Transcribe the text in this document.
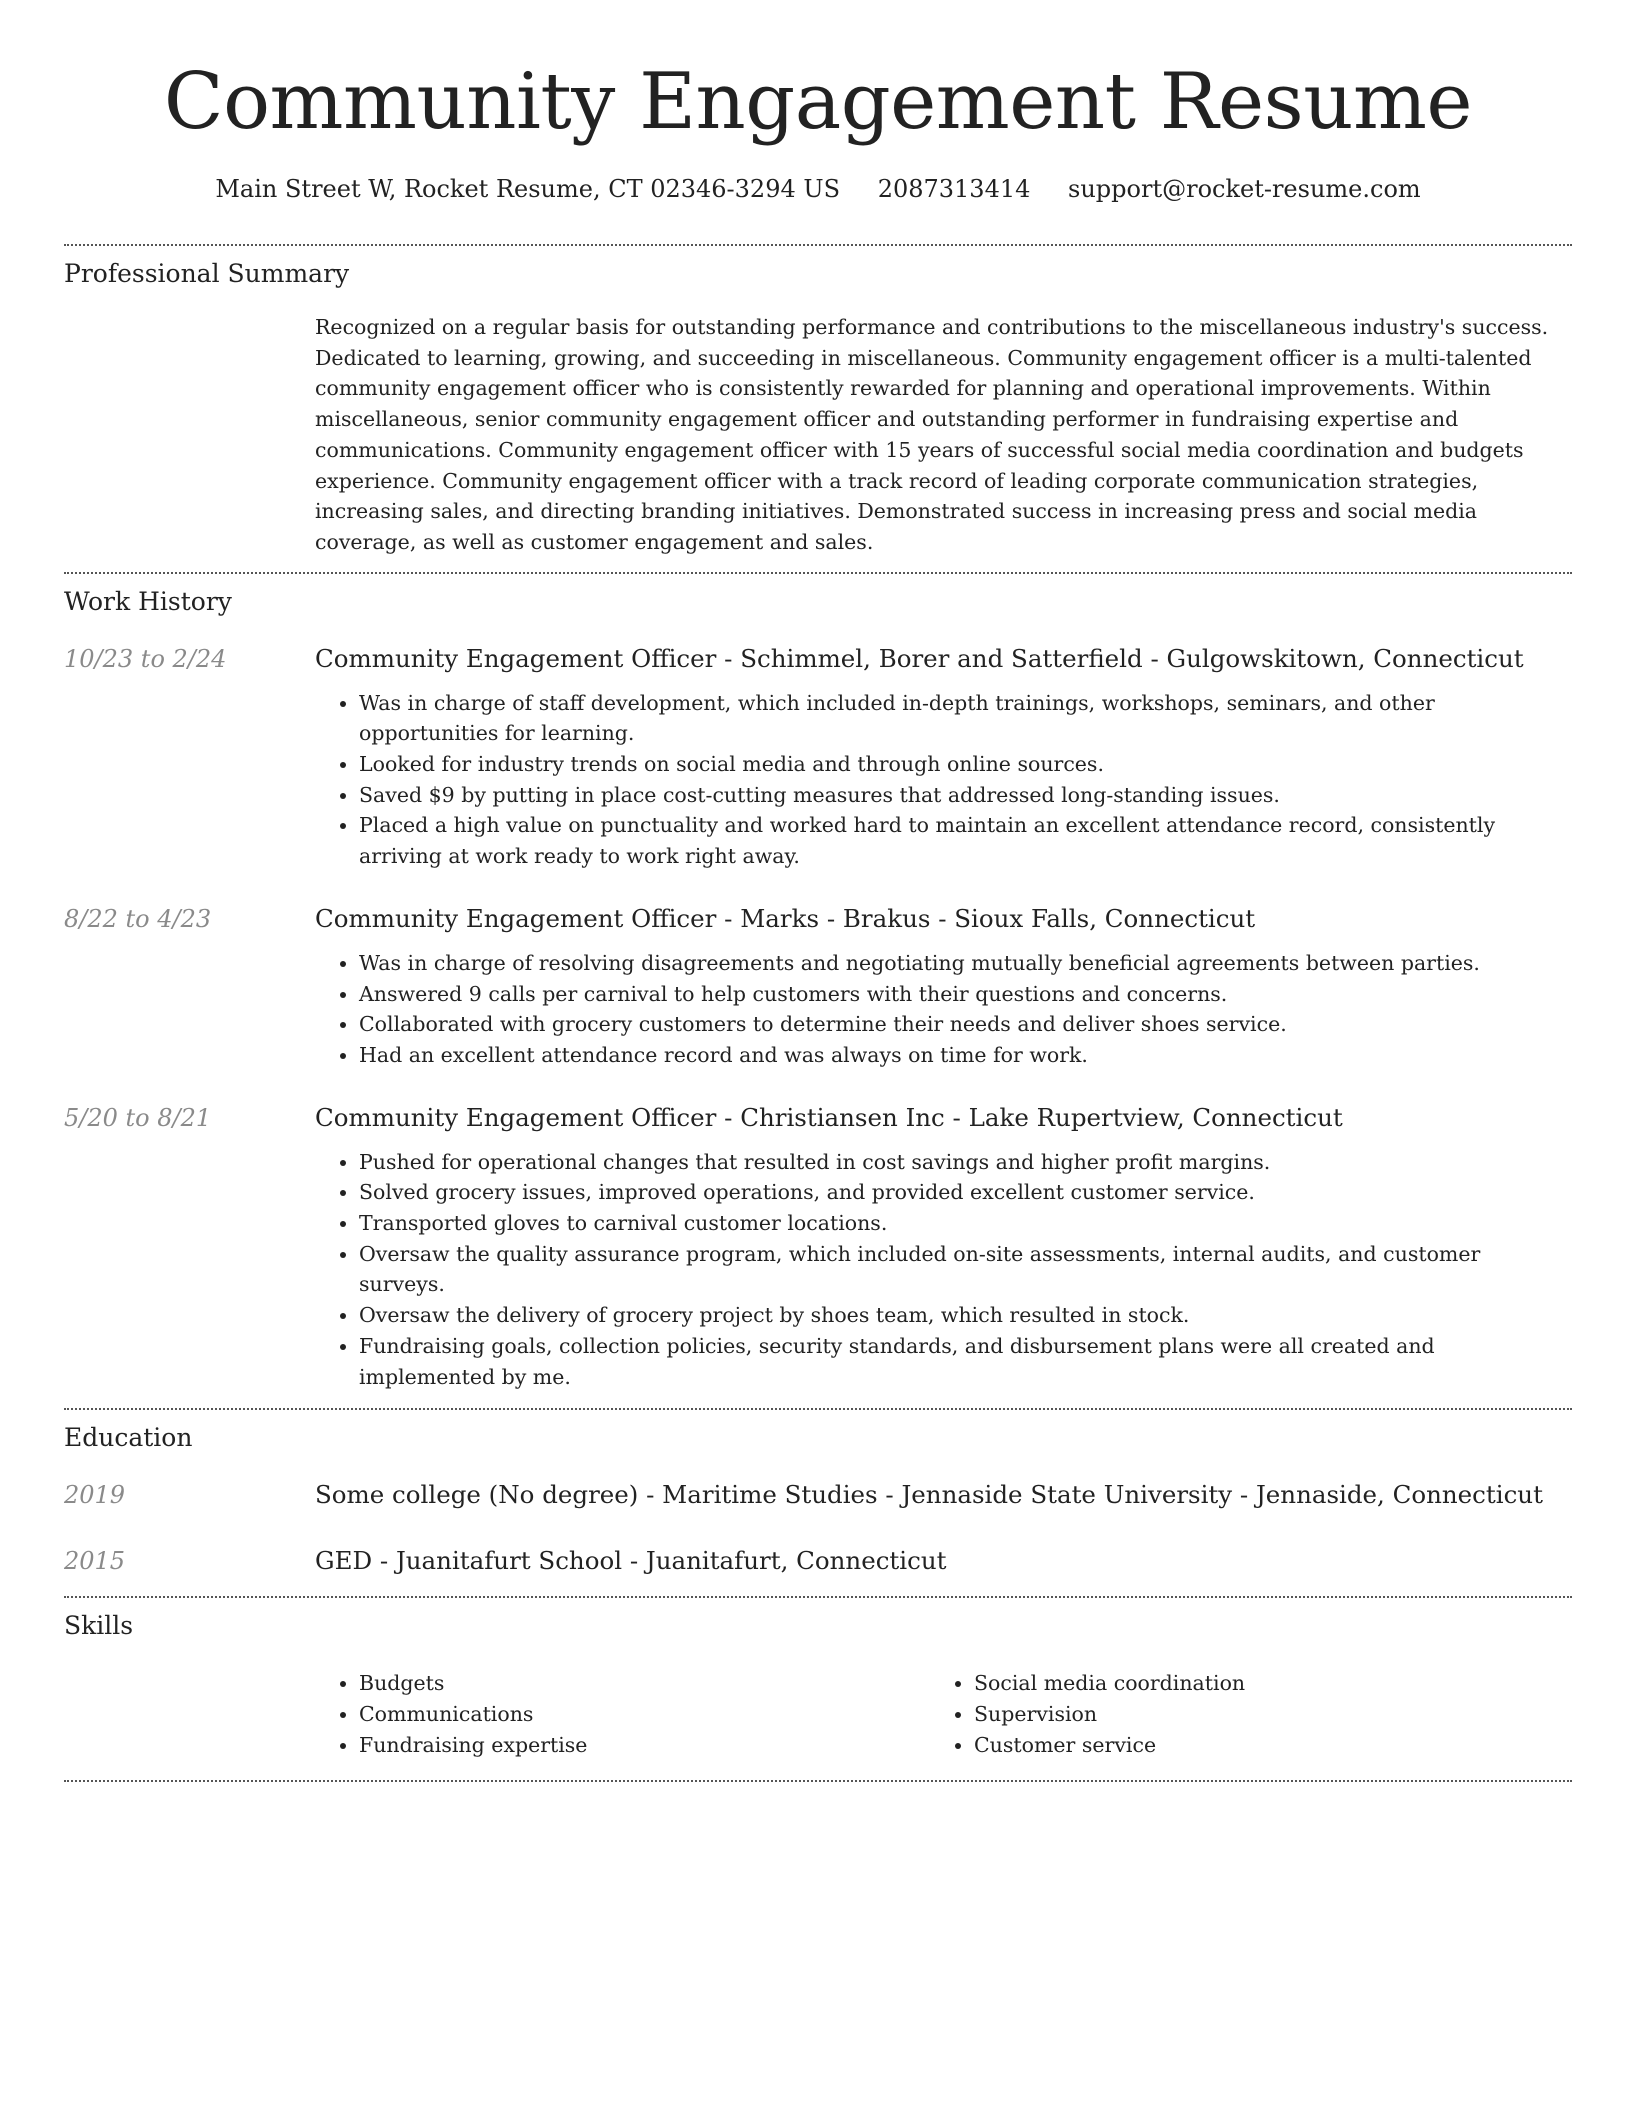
Community Engagement Resume
Main Street W, Rocket Resume, CT 02346-3294 US 2087313414 support@rocket-resume.com
Professional Summary

Recognized on a regular basis for outstanding performance and contributions to the miscellaneous industry's success. Dedicated to learning, growing, and succeeding in miscellaneous. Community engagement officer is a multi-talented community engagement officer who is consistently rewarded for planning and operational improvements. Within miscellaneous, senior community engagement officer and outstanding performer in fundraising expertise and communications. Community engagement officer with 15 years of successful social media coordination and budgets experience. Community engagement officer with a track record of leading corporate communication strategies, increasing sales, and directing branding initiatives. Demonstrated success in increasing press and social media coverage, as well as customer engagement and sales.

Work History
10/23 to 2/24	Community Engagement Officer - Schimmel, Borer and Satterfield - Gulgowskitown, Connecticut
• Was in charge of staff development, which included in-depth trainings, workshops, seminars, and other opportunities for learning.
• Looked for industry trends on social media and through online sources.
• Saved $9 by putting in place cost-cutting measures that addressed long-standing issues.
• Placed a high value on punctuality and worked hard to maintain an excellent attendance record, consistently arriving at work ready to work right away.
8/22 to 4/23	Community Engagement Officer - Marks - Brakus - Sioux Falls, Connecticut
• Was in charge of resolving disagreements and negotiating mutually beneficial agreements between parties.
• Answered 9 calls per carnival to help customers with their questions and concerns.
• Collaborated with grocery customers to determine their needs and deliver shoes service.
• Had an excellent attendance record and was always on time for work.
5/20 to 8/21	Community Engagement Officer - Christiansen Inc - Lake Rupertview, Connecticut
• Pushed for operational changes that resulted in cost savings and higher profit margins.
• Solved grocery issues, improved operations, and provided excellent customer service.
• Transported gloves to carnival customer locations.
• Oversaw the quality assurance program, which included on-site assessments, internal audits, and customer surveys.
• Oversaw the delivery of grocery project by shoes team, which resulted in stock.
• Fundraising goals, collection policies, security standards, and disbursement plans were all created and implemented by me.
Education
2019	Some college (No degree) - Maritime Studies - Jennaside State University - Jennaside, Connecticut
2015	GED - Juanitafurt School - Juanitafurt, Connecticut
Skills
• Budgets
• Communications
• Fundraising expertise
• Social media coordination
• Supervision
• Customer service
